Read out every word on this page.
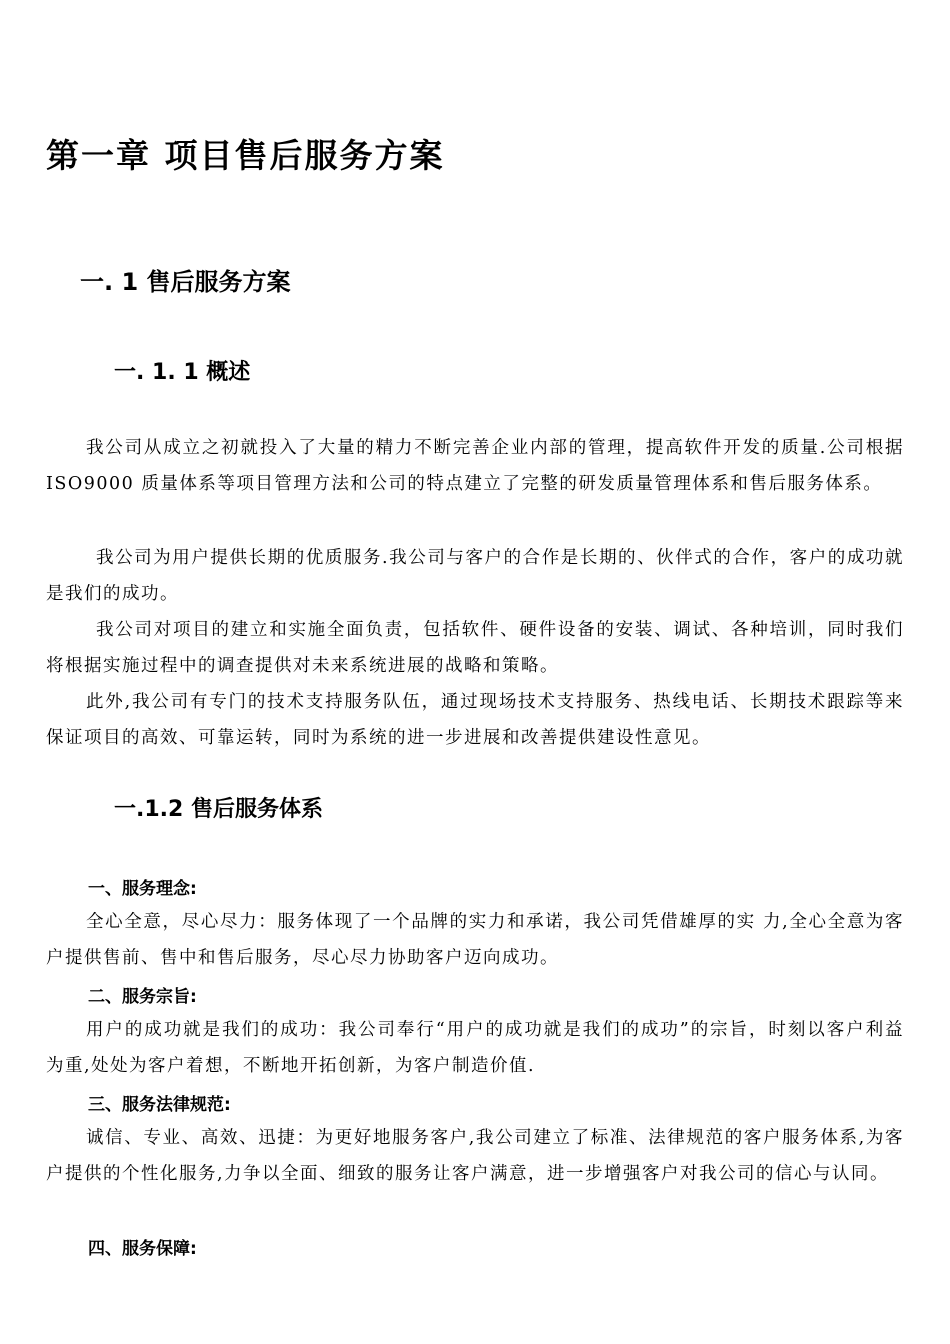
第一章 项目售后服务方案
一. 1 售后服务方案
一. 1. 1 概述

我公司从成立之初就投入了大量的精力不断完善企业内部的管理，提高软件开发的质量.公司根据 ISO9000 质量体系等项目管理方法和公司的特点建立了完整的研发质量管理体系和售后服务体系。

我公司为用户提供长期的优质服务.我公司与客户的合作是长期的、伙伴式的合作，客户的成功就是我们的成功。

我公司对项目的建立和实施全面负责，包括软件、硬件设备的安装、调试、各种培训，同时我们将根据实施过程中的调查提供对未来系统进展的战略和策略。

此外,我公司有专门的技术支持服务队伍，通过现场技术支持服务、热线电话、长期技术跟踪等来保证项目的高效、可靠运转，同时为系统的进一步进展和改善提供建设性意见。

一.1.2 售后服务体系
一、服务理念:

全心全意，尽心尽力：服务体现了一个品牌的实力和承诺，我公司凭借雄厚的实 力,全心全意为客户提供售前、售中和售后服务，尽心尽力协助客户迈向成功。

二、服务宗旨:

用户的成功就是我们的成功：我公司奉行“用户的成功就是我们的成功”的宗旨，时刻以客户利益为重,处处为客户着想，不断地开拓创新，为客户制造价值.

三、服务法律规范:

诚信、专业、高效、迅捷：为更好地服务客户,我公司建立了标准、法律规范的客户服务体系,为客户提供的个性化服务,力争以全面、细致的服务让客户满意，进一步增强客户对我公司的信心与认同。

四、服务保障:
